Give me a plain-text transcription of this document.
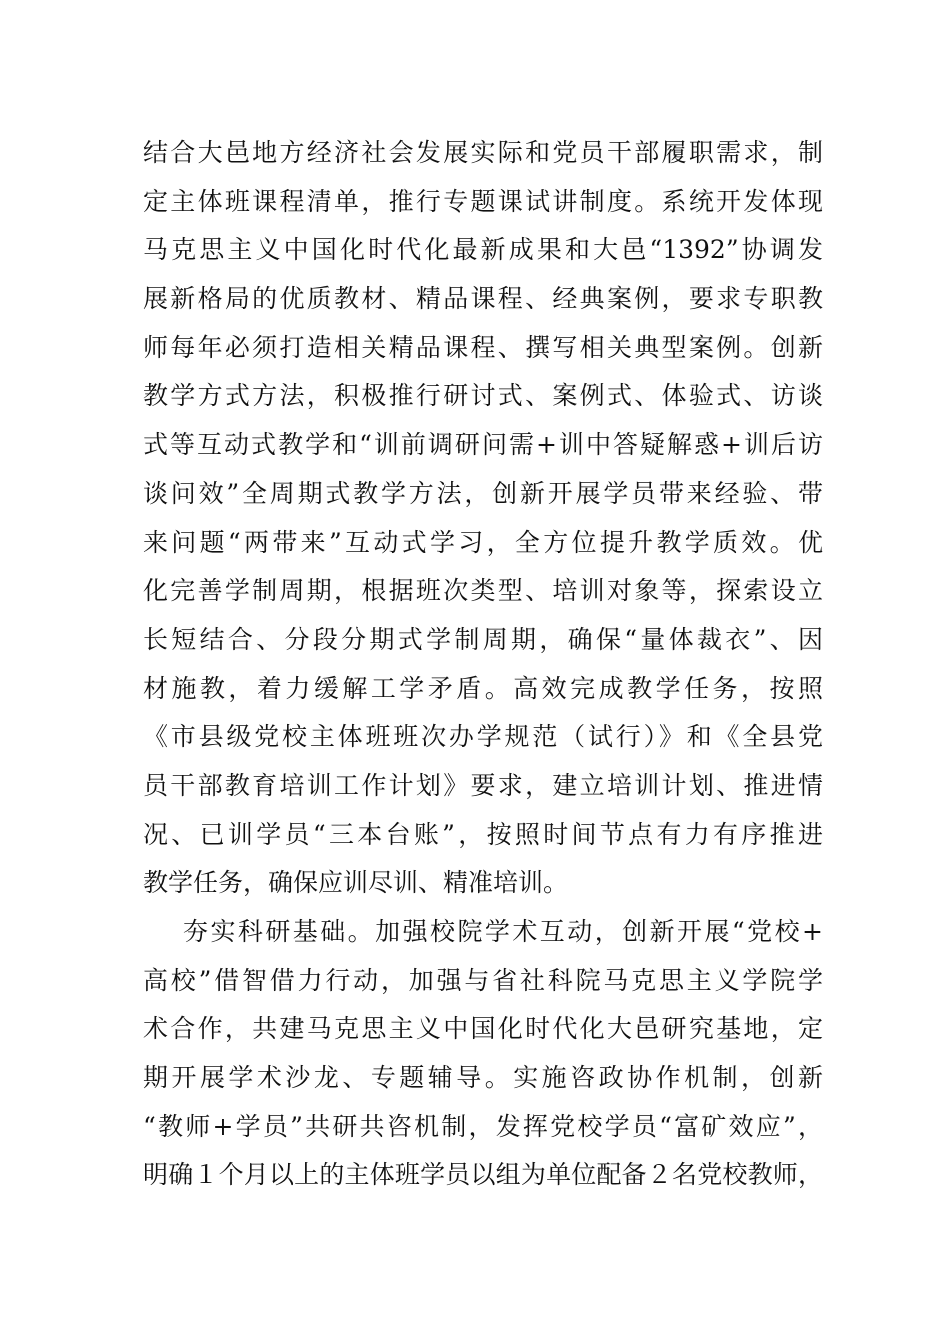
结合大邑地方经济社会发展实际和党员干部履职需求，制
定主体班课程清单，推行专题课试讲制度。系统开发体现
马克思主义中国化时代化最新成果和大邑“1392”协调发
展新格局的优质教材、精品课程、经典案例，要求专职教
师每年必须打造相关精品课程、撰写相关典型案例。创新
教学方式方法，积极推行研讨式、案例式、体验式、访谈
式等互动式教学和“训前调研问需+训中答疑解惑+训后访
谈问效”全周期式教学方法，创新开展学员带来经验、带
来问题“两带来”互动式学习，全方位提升教学质效。优
化完善学制周期，根据班次类型、培训对象等，探索设立
长短结合、分段分期式学制周期，确保“量体裁衣”、因
材施教，着力缓解工学矛盾。高效完成教学任务，按照
《市县级党校主体班班次办学规范（试行）》和《全县党
员干部教育培训工作计划》要求，建立培训计划、推进情
况、已训学员“三本台账”，按照时间节点有力有序推进
教学任务，确保应训尽训、精准培训。
夯实科研基础。加强校院学术互动，创新开展“党校+
高校”借智借力行动，加强与省社科院马克思主义学院学
术合作，共建马克思主义中国化时代化大邑研究基地，定
期开展学术沙龙、专题辅导。实施咨政协作机制，创新
“教师+学员”共研共咨机制，发挥党校学员“富矿效应”，
明确１个月以上的主体班学员以组为单位配备２名党校教师，
